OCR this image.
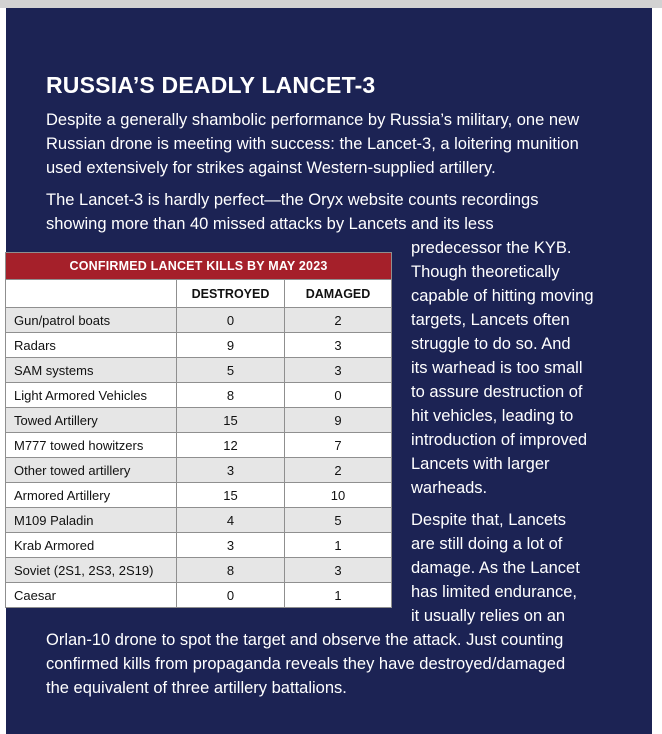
RUSSIA’S DEADLY LANCET-3
Despite a generally shambolic performance by Russia’s military, one new
Russian drone is meeting with success: the Lancet-3, a loitering munition
used extensively for strikes against Western-supplied artillery.
The Lancet-3 is hardly perfect—the Oryx website counts recordings
showing more than 40 missed attacks by Lancets and its less
predecessor the KYB.
Though theoretically
capable of hitting moving
targets, Lancets often
struggle to do so. And
its warhead is too small
to assure destruction of
hit vehicles, leading to
introduction of improved
Lancets with larger
warheads.
Despite that, Lancets
are still doing a lot of
damage. As the Lancet
has limited endurance,
it usually relies on an
Orlan-10 drone to spot the target and observe the attack. Just counting
confirmed kills from propaganda reveals they have destroyed/damaged
the equivalent of three artillery battalions.
CONFIRMED LANCET KILLS BY MAY 2023		
	DESTROYED	DAMAGED
Gun/patrol boats	0	2
Radars	9	3
SAM systems	5	3
Light Armored Vehicles	8	0
Towed Artillery	15	9
M777 towed howitzers	12	7
Other towed artillery	3	2
Armored Artillery	15	10
M109 Paladin	4	5
Krab Armored	3	1
Soviet (2S1, 2S3, 2S19)	8	3
Caesar	0	1
